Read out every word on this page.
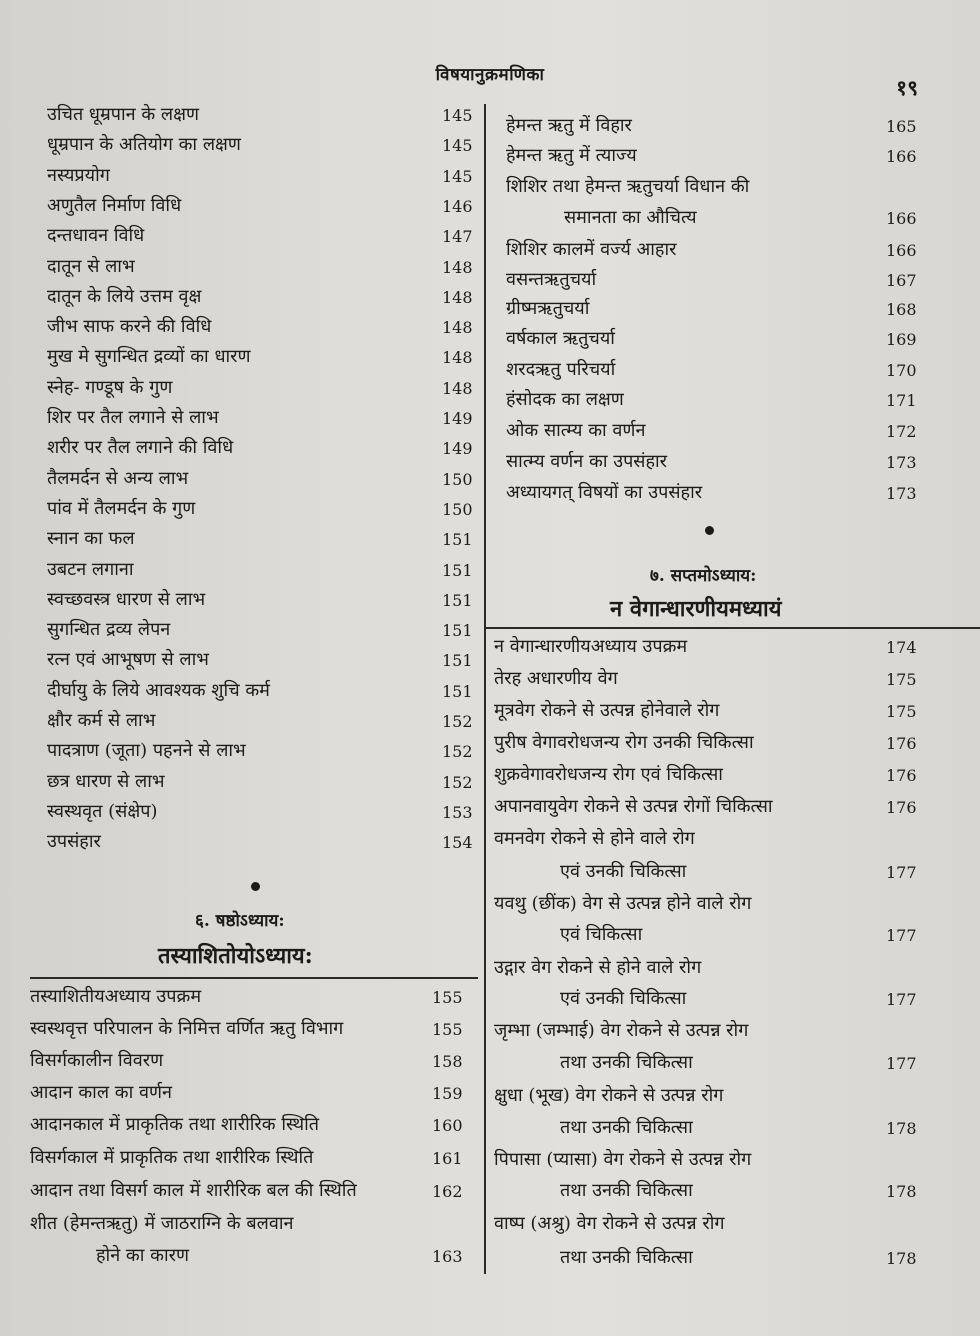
विषयानुक्रमणिका	१९
उचित धूम्रपान के लक्षण	145
धूम्रपान के अतियोग का लक्षण	145
नस्यप्रयोग	145
अणुतैल निर्माण विधि	146
दन्तधावन विधि	147
दातून से लाभ	148
दातून के लिये उत्तम वृक्ष	148
जीभ साफ करने की विधि	148
मुख मे सुगन्धित द्रव्यों का धारण	148
स्नेह- गण्डूष के गुण	148
शिर पर तैल लगाने से लाभ	149
शरीर पर तैल लगाने की विधि	149
तैलमर्दन से अन्य लाभ	150
पांव में तैलमर्दन के गुण	150
स्नान का फल	151
उबटन लगाना	151
स्वच्छवस्त्र धारण से लाभ	151
सुगन्धित द्रव्य लेपन	151
रत्न एवं आभूषण से लाभ	151
दीर्घायु के लिये आवश्यक शुचि कर्म	151
क्षौर कर्म से लाभ	152
पादत्राण (जूता) पहनने से लाभ	152
छत्र धारण से लाभ	152
स्वस्थवृत (संक्षेप)	153
उपसंहार	154
६. षष्ठोऽध्याय:
तस्याशितोयोऽध्याय:
तस्याशितीयअध्याय उपक्रम	155
स्वस्थवृत्त परिपालन के निमित्त वर्णित ऋतु विभाग	155
विसर्गकालीन विवरण	158
आदान काल का वर्णन	159
आदानकाल में प्राकृतिक तथा शारीरिक स्थिति	160
विसर्गकाल में प्राकृतिक तथा शारीरिक स्थिति	161
आदान तथा विसर्ग काल में शारीरिक बल की स्थिति	162
शीत (हेमन्तऋतु) में जाठराग्नि के बलवान
होने का कारण	163
हेमन्त ऋतु में विहार	165
हेमन्त ऋतु में त्याज्य	166
शिशिर तथा हेमन्त ऋतुचर्या विधान की
समानता का औचित्य	166
शिशिर कालमें वर्ज्य आहार	166
वसन्तऋतुचर्या	167
ग्रीष्मऋतुचर्या	168
वर्षकाल ऋतुचर्या	169
शरदऋतु परिचर्या	170
हंसोदक का लक्षण	171
ओक सात्म्य का वर्णन	172
सात्म्य वर्णन का उपसंहार	173
अध्यायगत् विषयों का उपसंहार	173
७. सप्तमोऽध्याय:
न वेगान्धारणीयमध्यायं
न वेगान्धारणीयअध्याय उपक्रम	174
तेरह अधारणीय वेग	175
मूत्रवेग रोकने से उत्पन्न होनेवाले रोग	175
पुरीष वेगावरोधजन्य रोग उनकी चिकित्सा	176
शुक्रवेगावरोधजन्य रोग एवं चिकित्सा	176
अपानवायुवेग रोकने से उत्पन्न रोगों चिकित्सा	176
वमनवेग रोकने से होने वाले रोग
एवं उनकी चिकित्सा	177
यवथु (छींक) वेग से उत्पन्न होने वाले रोग
एवं चिकित्सा	177
उद्गार वेग रोकने से होने वाले रोग
एवं उनकी चिकित्सा	177
जृम्भा (जम्भाई) वेग रोकने से उत्पन्न रोग
तथा उनकी चिकित्सा	177
क्षुधा (भूख) वेग रोकने से उत्पन्न रोग
तथा उनकी चिकित्सा	178
पिपासा (प्यासा) वेग रोकने से उत्पन्न रोग
तथा उनकी चिकित्सा	178
वाष्प (अश्रु) वेग रोकने से उत्पन्न रोग
तथा उनकी चिकित्सा	178
